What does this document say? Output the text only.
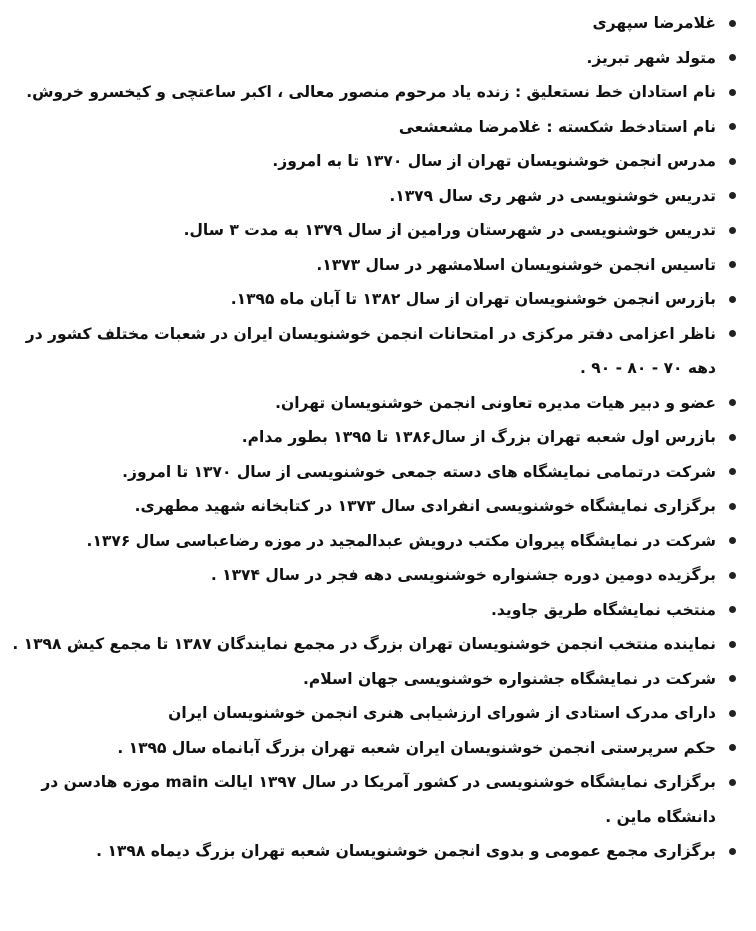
غلامرضا سپهری
متولد شهر تبریز.
نام استادان خط نستعلیق : زنده یاد مرحوم منصور معالی ، اکبر ساعتچی و کیخسرو خروش.
نام استادخط شکسته : غلامرضا مشعشعی
مدرس انجمن خوشنویسان تهران از سال ۱۳۷۰ تا به امروز.
تدریس خوشنویسی در شهر ری سال ۱۳۷۹.
تدریس خوشنویسی در شهرستان ورامین از سال ۱۳۷۹ به مدت ۳ سال.
تاسیس انجمن خوشنویسان اسلامشهر در سال ۱۳۷۳.
بازرس انجمن خوشنویسان تهران از سال ۱۳۸۲ تا آبان ماه ۱۳۹۵.
ناظر اعزامی دفتر مرکزی در امتحانات انجمن خوشنویسان ایران در شعبات مختلف کشور در دهه ۷۰ - ۸۰ - ۹۰ .
عضو و دبیر هیات مدیره تعاونی انجمن خوشنویسان تهران.
بازرس اول شعبه تهران بزرگ از سال۱۳۸۶ تا ۱۳۹۵ بطور مدام.
شرکت درتمامی نمایشگاه های دسته جمعی خوشنویسی از سال ۱۳۷۰ تا امروز.
برگزاری نمایشگاه خوشنویسی انفرادی سال ۱۳۷۳ در کتابخانه شهید مطهری.
شرکت در نمایشگاه پیروان مکتب درویش عبدالمجید در موزه رضاعباسی سال ۱۳۷۶.
برگزیده دومین دوره جشنواره خوشنویسی دهه فجر در سال ۱۳۷۴ .
منتخب نمایشگاه طریق جاوید.
نماینده منتخب انجمن خوشنویسان تهران بزرگ در مجمع نمایندگان ۱۳۸۷ تا مجمع کیش ۱۳۹۸ .
شرکت در نمایشگاه جشنواره خوشنویسی جهان اسلام.
دارای مدرک استادی از شورای ارزشیابی هنری انجمن خوشنویسان ایران
حکم سرپرستی انجمن خوشنویسان ایران شعبه تهران بزرگ آبانماه سال ۱۳۹۵ .
برگزاری نمایشگاه خوشنویسی در کشور آمریکا در سال ۱۳۹۷ ایالت main موزه هادسن در دانشگاه ماین .
برگزاری مجمع عمومی و بدوی انجمن خوشنویسان شعبه تهران بزرگ دیماه ۱۳۹۸ .
